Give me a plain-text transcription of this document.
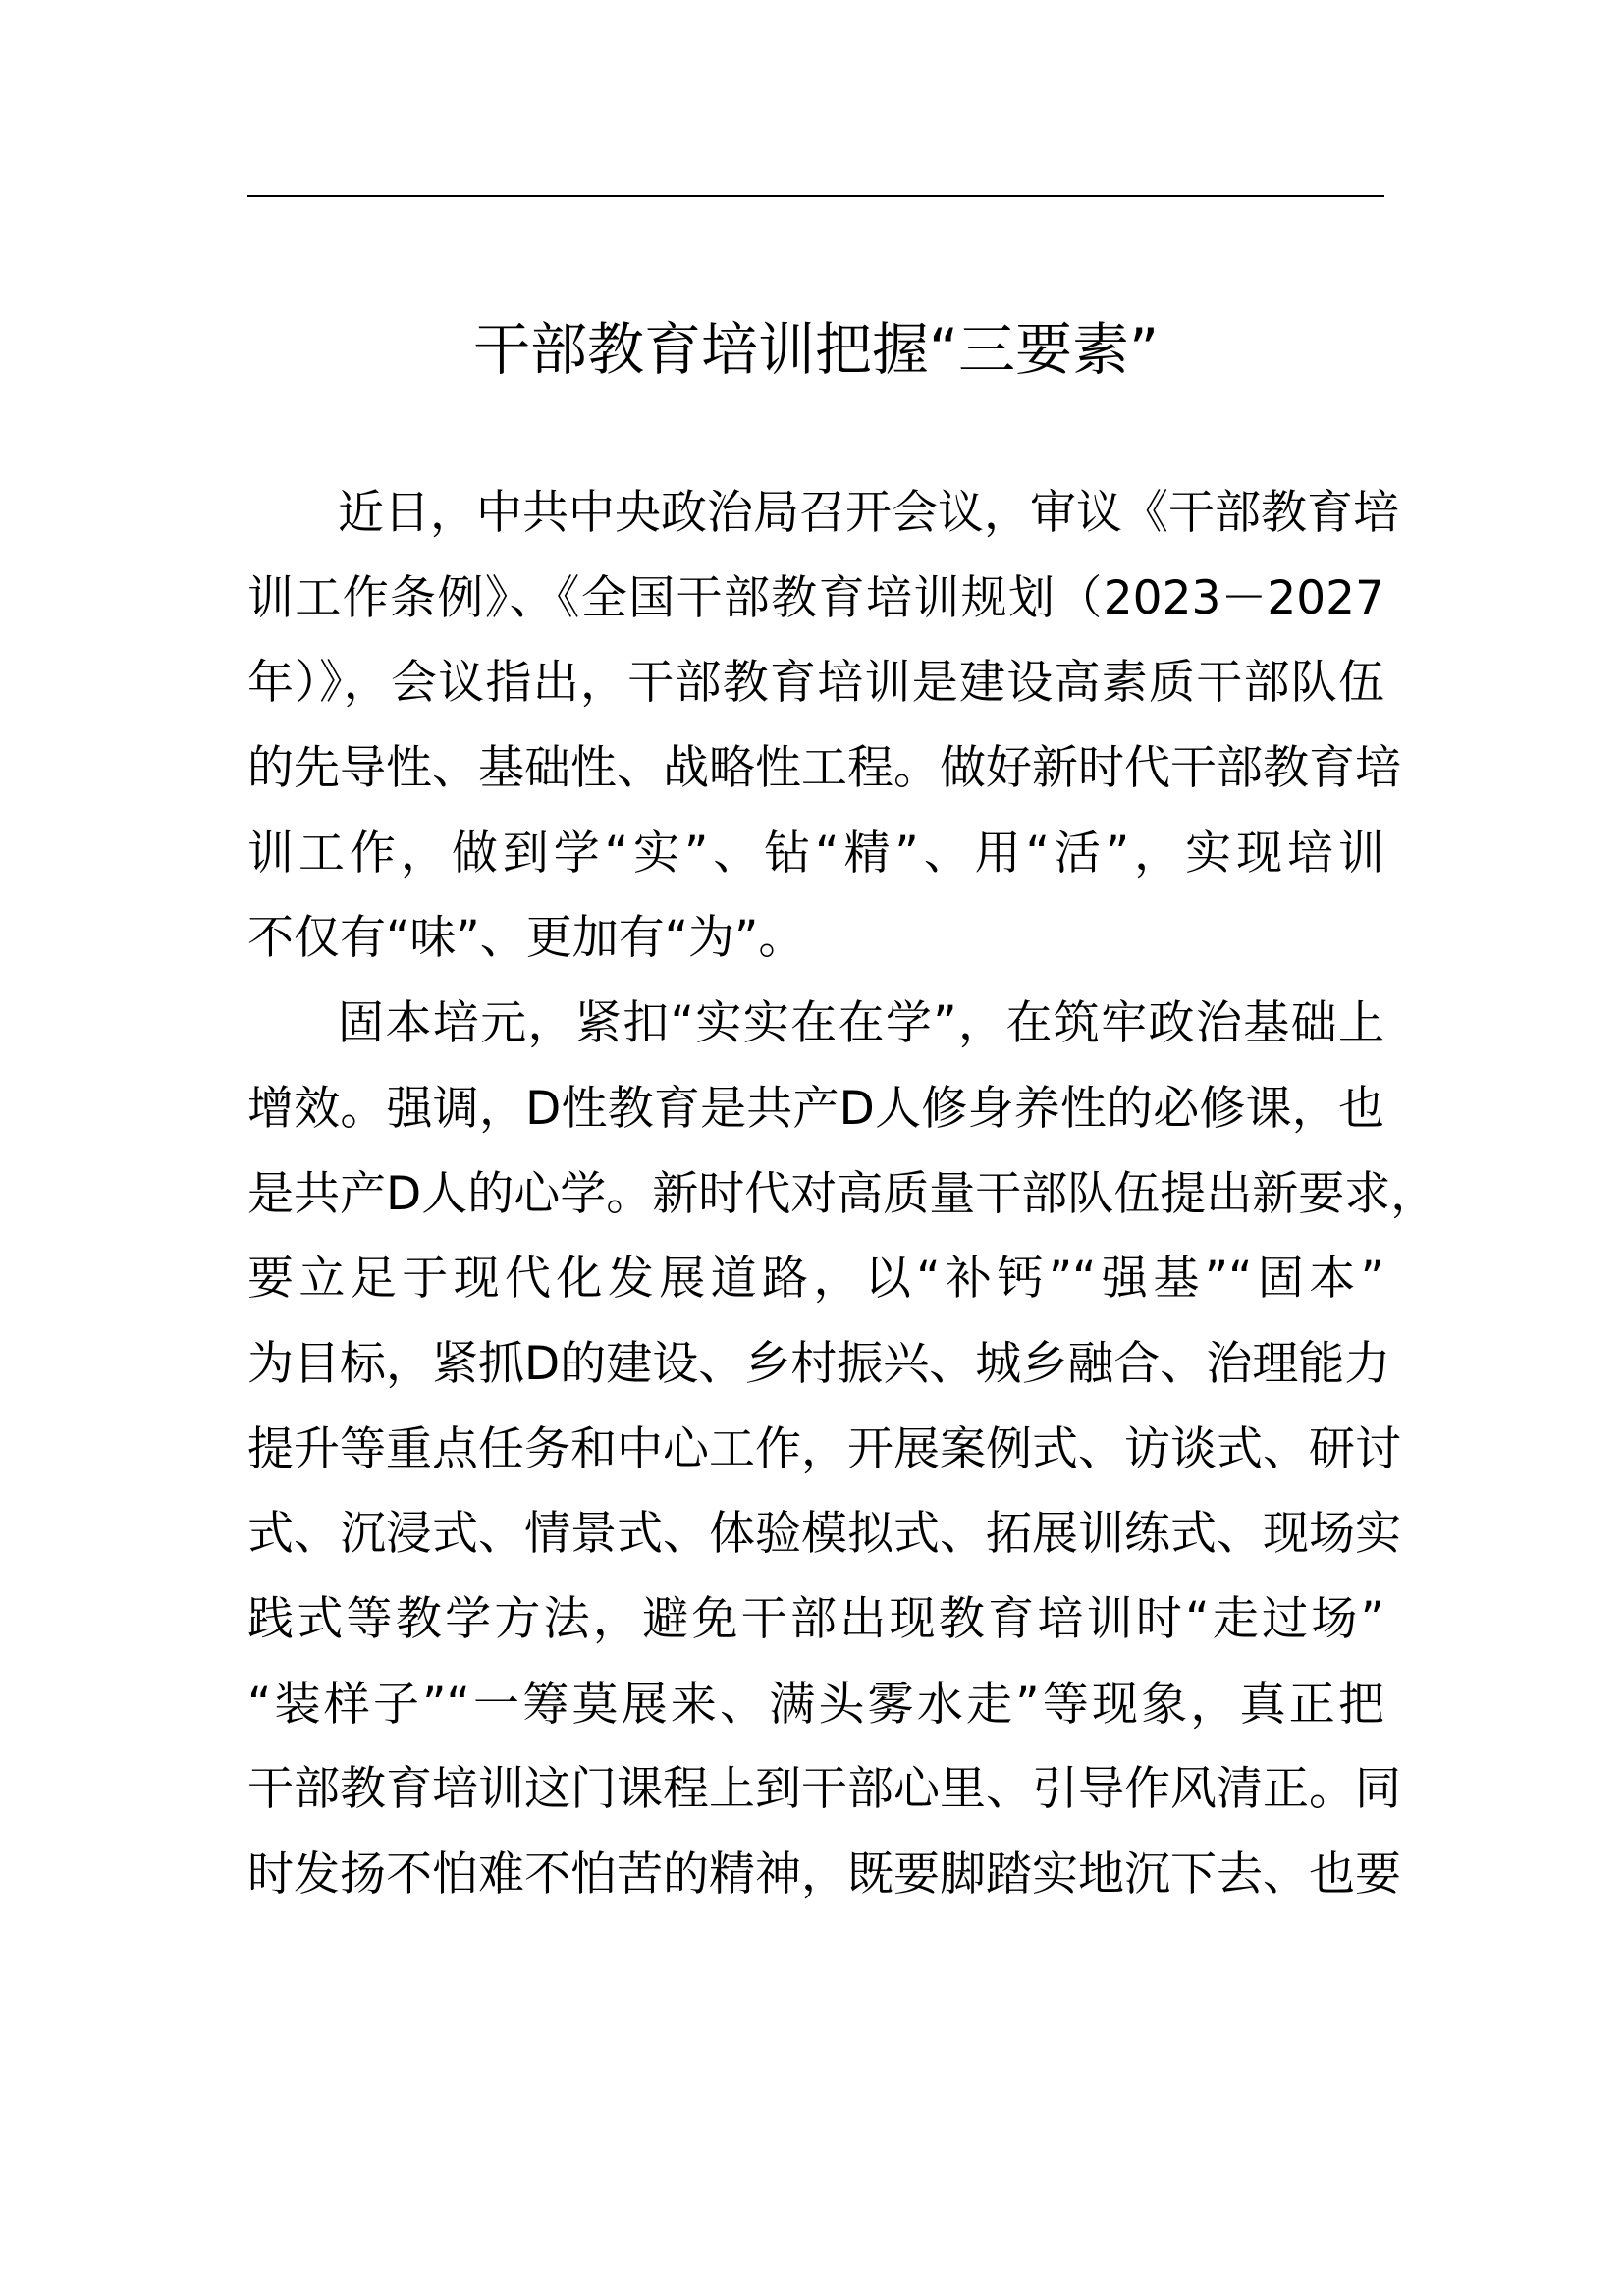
干部教育培训把握“三要素”
近日，中共中央政治局召开会议，审议《干部教育培
训工作条例》、《全国干部教育培训规划（2023－2027
年）》，会议指出，干部教育培训是建设高素质干部队伍
的先导性、基础性、战略性工程。做好新时代干部教育培
训工作，做到学“实”、钻“精”、用“活”，实现培训
不仅有“味”、更加有“为”。
固本培元，紧扣“实实在在学”，在筑牢政治基础上
增效。强调，D性教育是共产D人修身养性的必修课，也
是共产D人的心学。新时代对高质量干部队伍提出新要求，
要立足于现代化发展道路，以“补钙”“强基”“固本”
为目标，紧抓D的建设、乡村振兴、城乡融合、治理能力
提升等重点任务和中心工作，开展案例式、访谈式、研讨
式、沉浸式、情景式、体验模拟式、拓展训练式、现场实
践式等教学方法，避免干部出现教育培训时“走过场”
“装样子”“一筹莫展来、满头雾水走”等现象，真正把
干部教育培训这门课程上到干部心里、引导作风清正。同
时发扬不怕难不怕苦的精神，既要脚踏实地沉下去、也要
